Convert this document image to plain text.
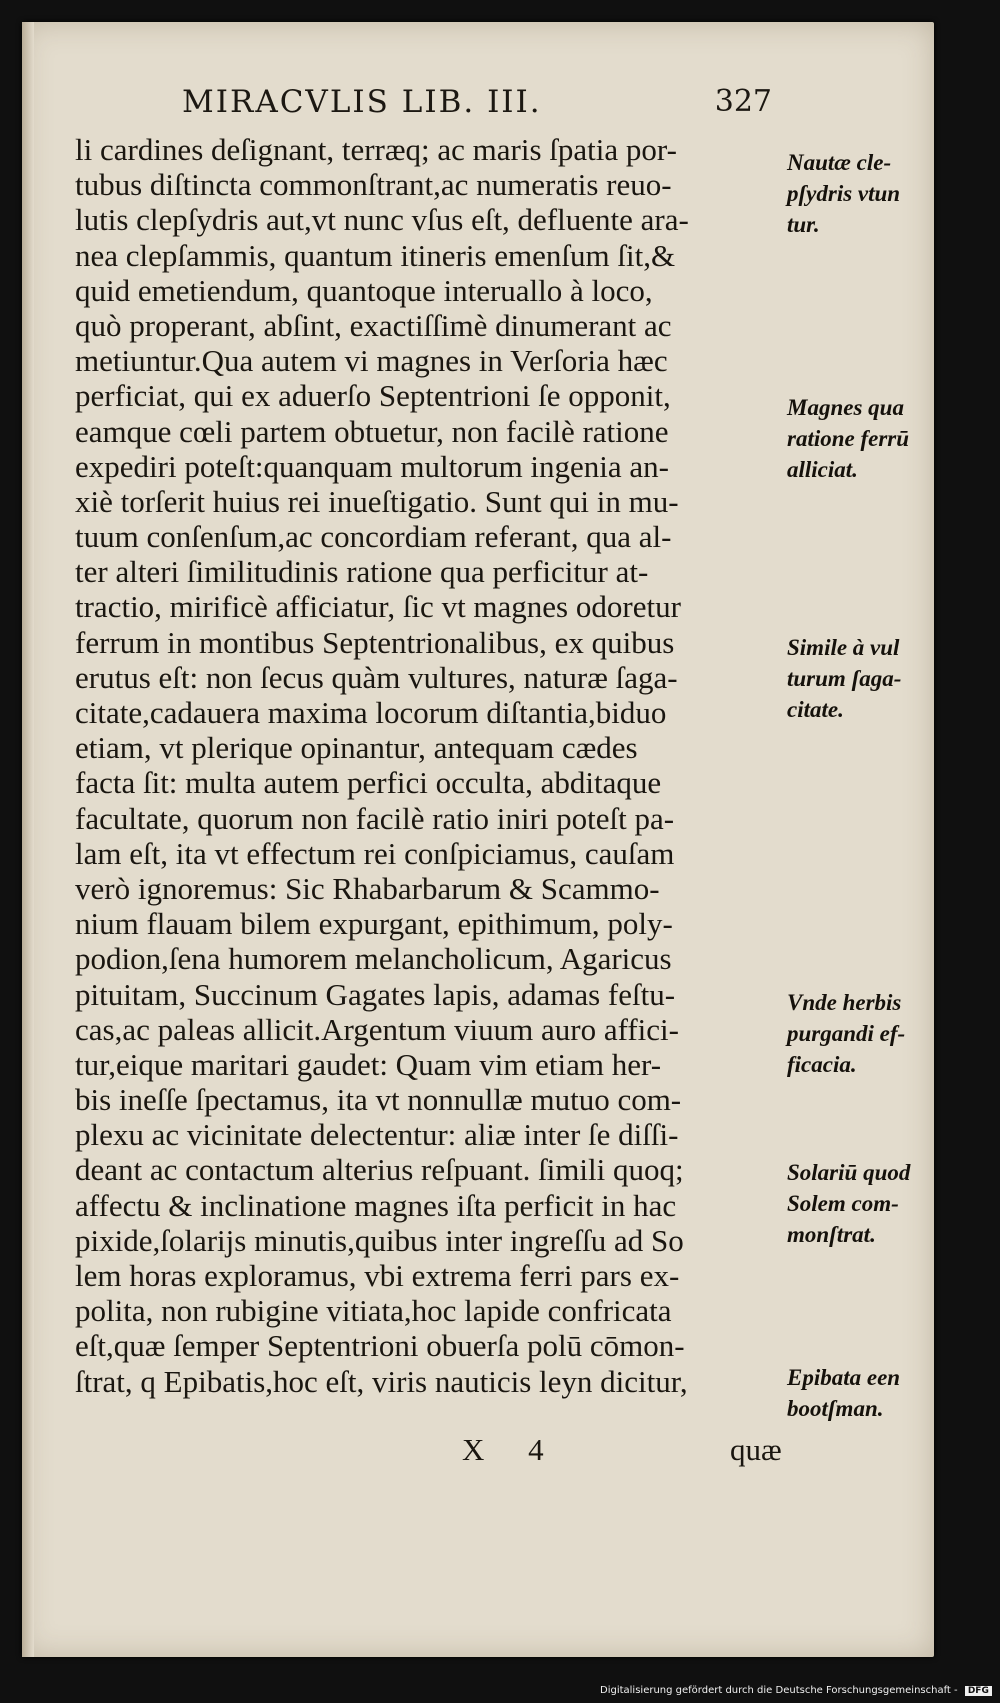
MIRACVLIS LIB. III.	327
li cardines deſignant, terræq; ac maris ſpatia por-
tubus diſtincta commonſtrant,ac numeratis reuo-
lutis clepſydris aut,vt nunc vſus eſt, defluente ara-
nea clepſammis, quantum itineris emenſum ſit,&
quid emetiendum, quantoque interuallo à loco,
quò properant, abſint, exactiſſimè dinumerant ac
metiuntur.Qua autem vi magnes in Verſoria hæc
perficiat, qui ex aduerſo Septentrioni ſe opponit,
eamque cœli partem obtuetur, non facilè ratione
expediri poteſt:quanquam multorum ingenia an-
xiè torſerit huius rei inueſtigatio. Sunt qui in mu-
tuum conſenſum,ac concordiam referant, qua al-
ter alteri ſimilitudinis ratione qua perficitur at-
tractio, mirificè afficiatur, ſic vt magnes odoretur
ferrum in montibus Septentrionalibus, ex quibus
erutus eſt: non ſecus quàm vultures, naturæ ſaga-
citate,cadauera maxima locorum diſtantia,biduo
etiam, vt plerique opinantur, antequam cædes
facta ſit: multa autem perfici occulta, abditaque
facultate, quorum non facilè ratio iniri poteſt pa-
lam eſt, ita vt effectum rei conſpiciamus, cauſam
verò ignoremus: Sic Rhabarbarum & Scammo-
nium flauam bilem expurgant, epithimum, poly-
podion,ſena humorem melancholicum, Agaricus
pituitam, Succinum Gagates lapis, adamas feſtu-
cas,ac paleas allicit.Argentum viuum auro affici-
tur,eique maritari gaudet: Quam vim etiam her-
bis ineſſe ſpectamus, ita vt nonnullæ mutuo com-
plexu ac vicinitate delectentur: aliæ inter ſe diſſi-
deant ac contactum alterius reſpuant. ſimili quoq;
affectu & inclinatione magnes iſta perficit in hac
pixide,ſolarijs minutis,quibus inter ingreſſu ad So
lem horas exploramus, vbi extrema ferri pars ex-
polita, non rubigine vitiata,hoc lapide confricata
eſt,quæ ſemper Septentrioni obuerſa polū cōmon-
ſtrat, q Epibatis,hoc eſt, viris nauticis leyn dicitur,
Nautæ cle-
pſydris vtun
tur.
Magnes qua
ratione ferrū
alliciat.
Simile à vul
turum ſaga-
citate.
Vnde herbis
purgandi ef-
ficacia.
Solariū quod
Solem com-
monſtrat.
Epibata een
bootſman.
X 4	quæ
Digitalisierung gefördert durch die Deutsche Forschungsgemeinschaft - DFG
